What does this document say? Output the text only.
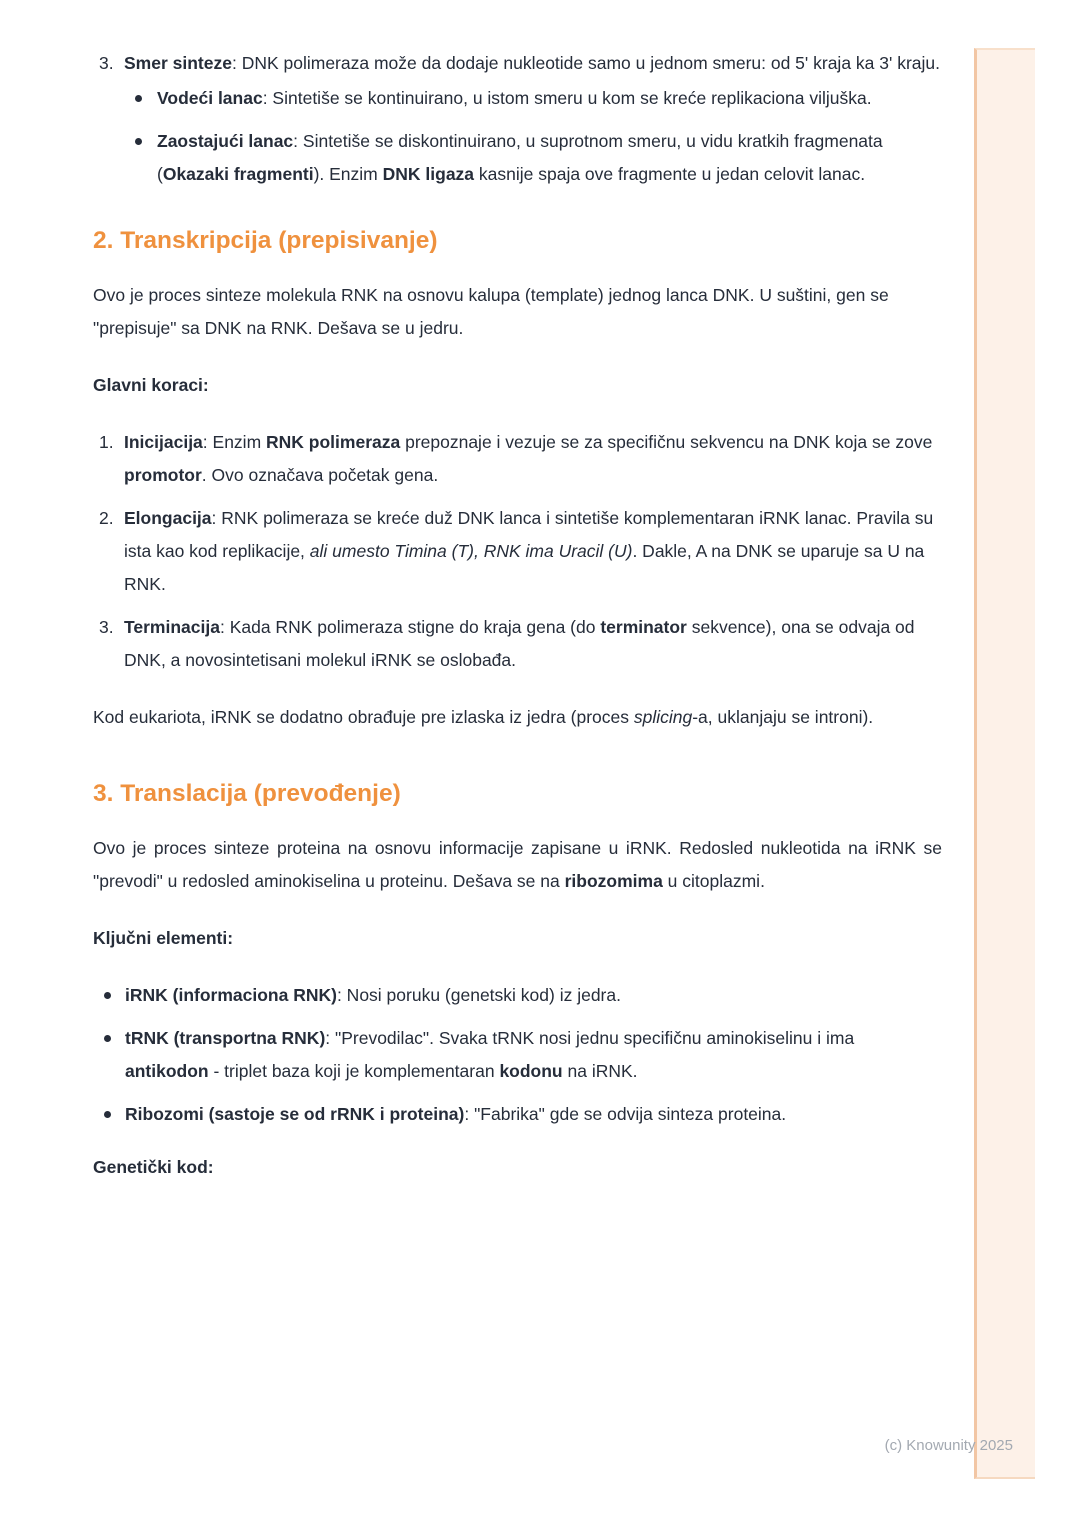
3. Smer sinteze: DNK polimeraza može da dodaje nukleotide samo u jednom smeru: od 5' kraja ka 3' kraju.
Vodeći lanac: Sintetiše se kontinuirano, u istom smeru u kom se kreće replikaciona viljuška.
Zaostajući lanac: Sintetiše se diskontinuirano, u suprotnom smeru, u vidu kratkih fragmenata (Okazaki fragmenti). Enzim DNK ligaza kasnije spaja ove fragmente u jedan celovit lanac.
2. Transkripcija (prepisivanje)

Ovo je proces sinteze molekula RNK na osnovu kalupa (template) jednog lanca DNK. U suštini, gen se "prepisuje" sa DNK na RNK. Dešava se u jedru.

Glavni koraci:
1. Inicijacija: Enzim RNK polimeraza prepoznaje i vezuje se za specifičnu sekvencu na DNK koja se zove promotor. Ovo označava početak gena.
2. Elongacija: RNK polimeraza se kreće duž DNK lanca i sintetiše komplementaran iRNK lanac. Pravila su ista kao kod replikacije, ali umesto Timina (T), RNK ima Uracil (U). Dakle, A na DNK se uparuje sa U na RNK.
3. Terminacija: Kada RNK polimeraza stigne do kraja gena (do terminator sekvence), ona se odvaja od DNK, a novosintetisani molekul iRNK se oslobađa.

Kod eukariota, iRNK se dodatno obrađuje pre izlaska iz jedra (proces splicing-a, uklanjaju se introni).

3. Translacija (prevođenje)

Ovo je proces sinteze proteina na osnovu informacije zapisane u iRNK. Redosled nukleotida na iRNK se "prevodi" u redosled aminokiselina u proteinu. Dešava se na ribozomima u citoplazmi.

Ključni elementi:
iRNK (informaciona RNK): Nosi poruku (genetski kod) iz jedra.
tRNK (transportna RNK): "Prevodilac". Svaka tRNK nosi jednu specifičnu aminokiselinu i ima antikodon - triplet baza koji je komplementaran kodonu na iRNK.
Ribozomi (sastoje se od rRNK i proteina): "Fabrika" gde se odvija sinteza proteina.
Genetički kod:
(c) Knowunity 2025
